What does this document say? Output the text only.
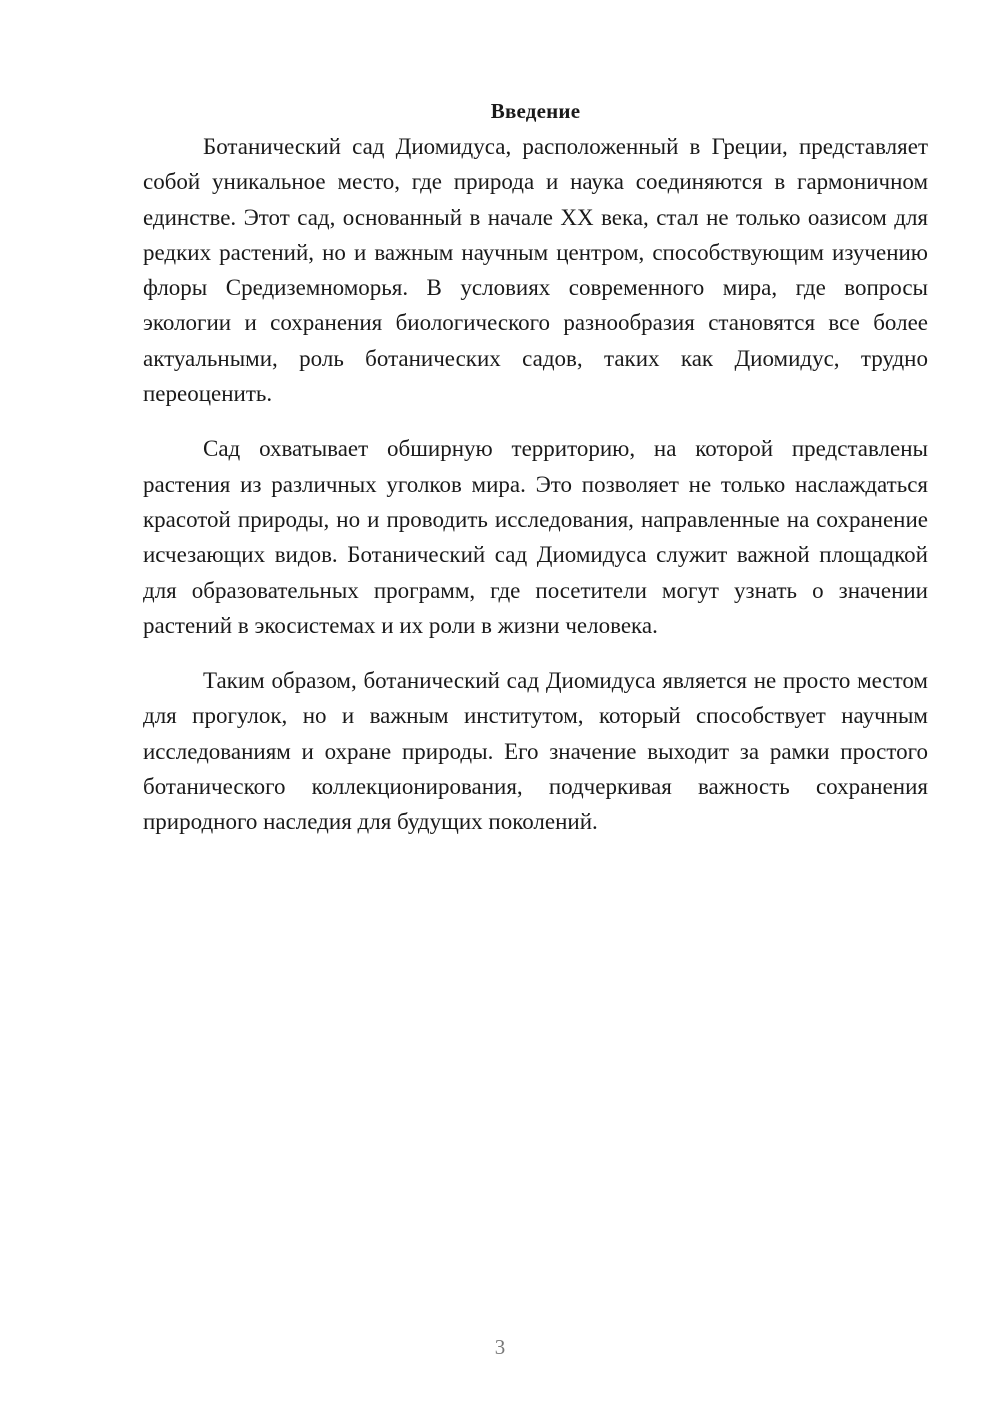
Введение

Ботанический сад Диомидуса, расположенный в Греции, представляет собой уникальное место, где природа и наука соединяются в гармоничном единстве. Этот сад, основанный в начале XX века, стал не только оазисом для редких растений, но и важным научным центром, способствующим изучению флоры Средиземноморья. В условиях современного мира, где вопросы экологии и сохранения биологического разнообразия становятся все более актуальными, роль ботанических садов, таких как Диомидус, трудно переоценить.

Сад охватывает обширную территорию, на которой представлены растения из различных уголков мира. Это позволяет не только наслаждаться красотой природы, но и проводить исследования, направленные на сохранение исчезающих видов. Ботанический сад Диомидуса служит важной площадкой для образовательных программ, где посетители могут узнать о значении растений в экосистемах и их роли в жизни человека.

Таким образом, ботанический сад Диомидуса является не просто местом для прогулок, но и важным институтом, который способствует научным исследованиям и охране природы. Его значение выходит за рамки простого ботанического коллекционирования, подчеркивая важность сохранения природного наследия для будущих поколений.

3
